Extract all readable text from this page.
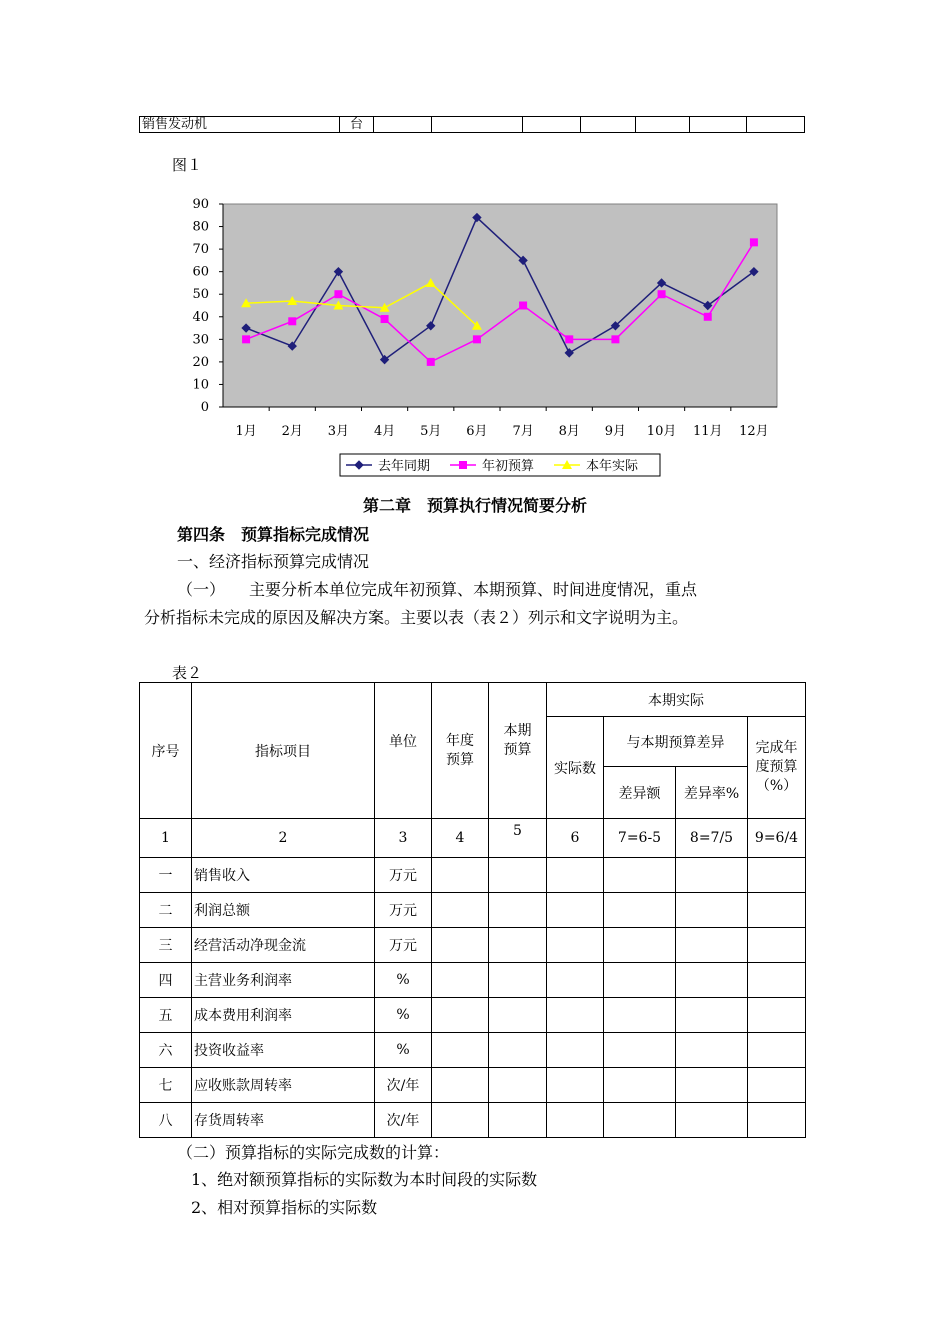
销售发动机	台
图１
0
10
20
30
40
50
60
70
80
90
1月 2月 3月 4月 5月 6月 7月 8月 9月 10月 11月 12月
去年同期	年初预算	本年实际
第二章　预算执行情况简要分析
第四条　预算指标完成情况
一、经济指标预算完成情况
（一）　　主要分析本单位完成年初预算、本期预算、时间进度情况，重点
分析指标未完成的原因及解决方案。主要以表（表２）列示和文字说明为主。
表２
序号	指标项目	单位	年度预算	本期预算	本期实际			
					实际数	与本期预算差异		完成年度预算（%）
						差异额	差异率%	
1	2	3	4	5	6	7=6-5	8=7/5	9=6/4
一	销售收入	万元						
二	利润总额	万元						
三	经营活动净现金流	万元						
四	主营业务利润率	%						
五	成本费用利润率	%						
六	投资收益率	%						
七	应收账款周转率	次/年						
八	存货周转率	次/年						
（二）预算指标的实际完成数的计算：
1、绝对额预算指标的实际数为本时间段的实际数
2、相对预算指标的实际数
